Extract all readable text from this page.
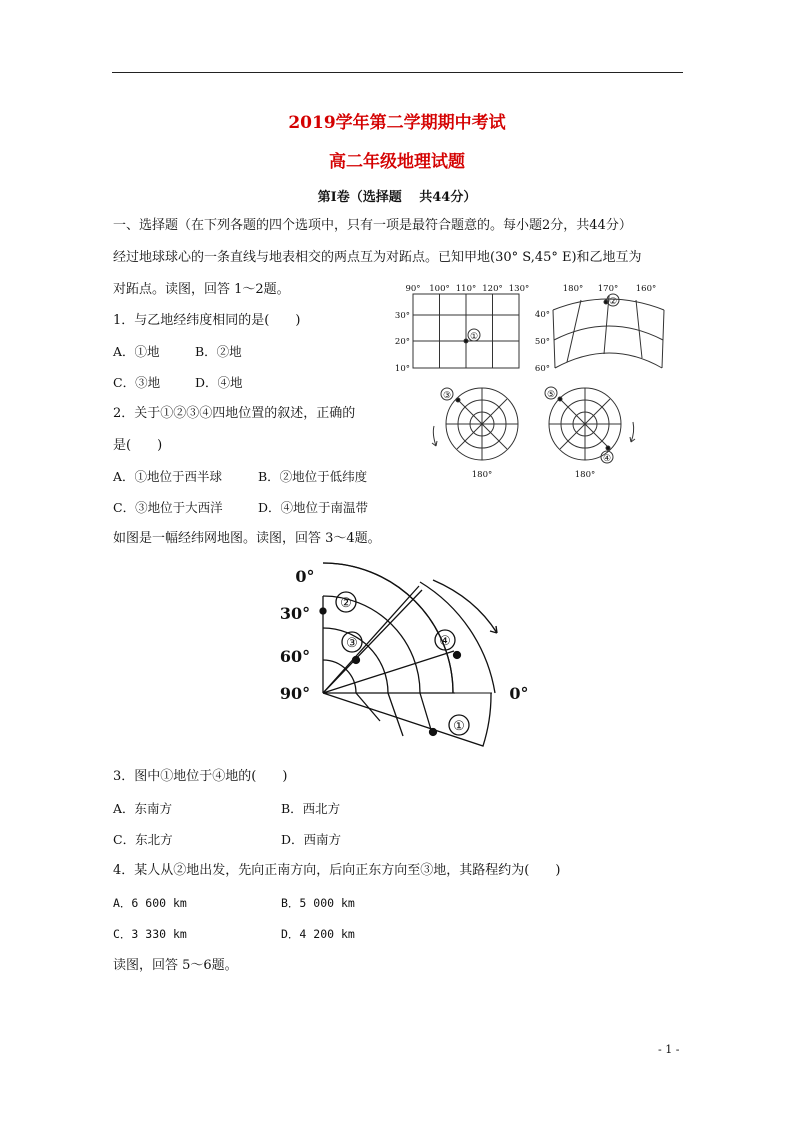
2019学年第二学期期中考试
高二年级地理试题
第Ⅰ卷（选择题　 共44分）
一、选择题（在下列各题的四个选项中，只有一项是最符合题意的。每小题2分，共44分）
经过地球球心的一条直线与地表相交的两点互为对跖点。已知甲地(30° S,45° E)和乙地互为
对跖点。读图，回答 1～2题。
1．与乙地经纬度相同的是(　　)
A．①地	B．②地
C．③地	D．④地
2．关于①②③④四地位置的叙述，正确的
是(　　)
A．①地位于西半球	B．②地位于低纬度
C．③地位于大西洋	D．④地位于南温带
如图是一幅经纬网地图。读图，回答 3～4题。
①
90° 100° 110° 120° 130°
30°
20°
10°
②
180° 170° 160°
40°
50°
60°
③
180°
⑤
④
180°
②
③	④
①
0°
30°
60°
90°	0°
3．图中①地位于④地的(　　)
A．东南方	B．西北方
C．东北方	D．西南方
4．某人从②地出发，先向正南方向，后向正东方向至③地，其路程约为(　　)
A．6 600 km	B．5 000 km
C．3 330 km	D．4 200 km
读图，回答 5～6题。
- 1 -
